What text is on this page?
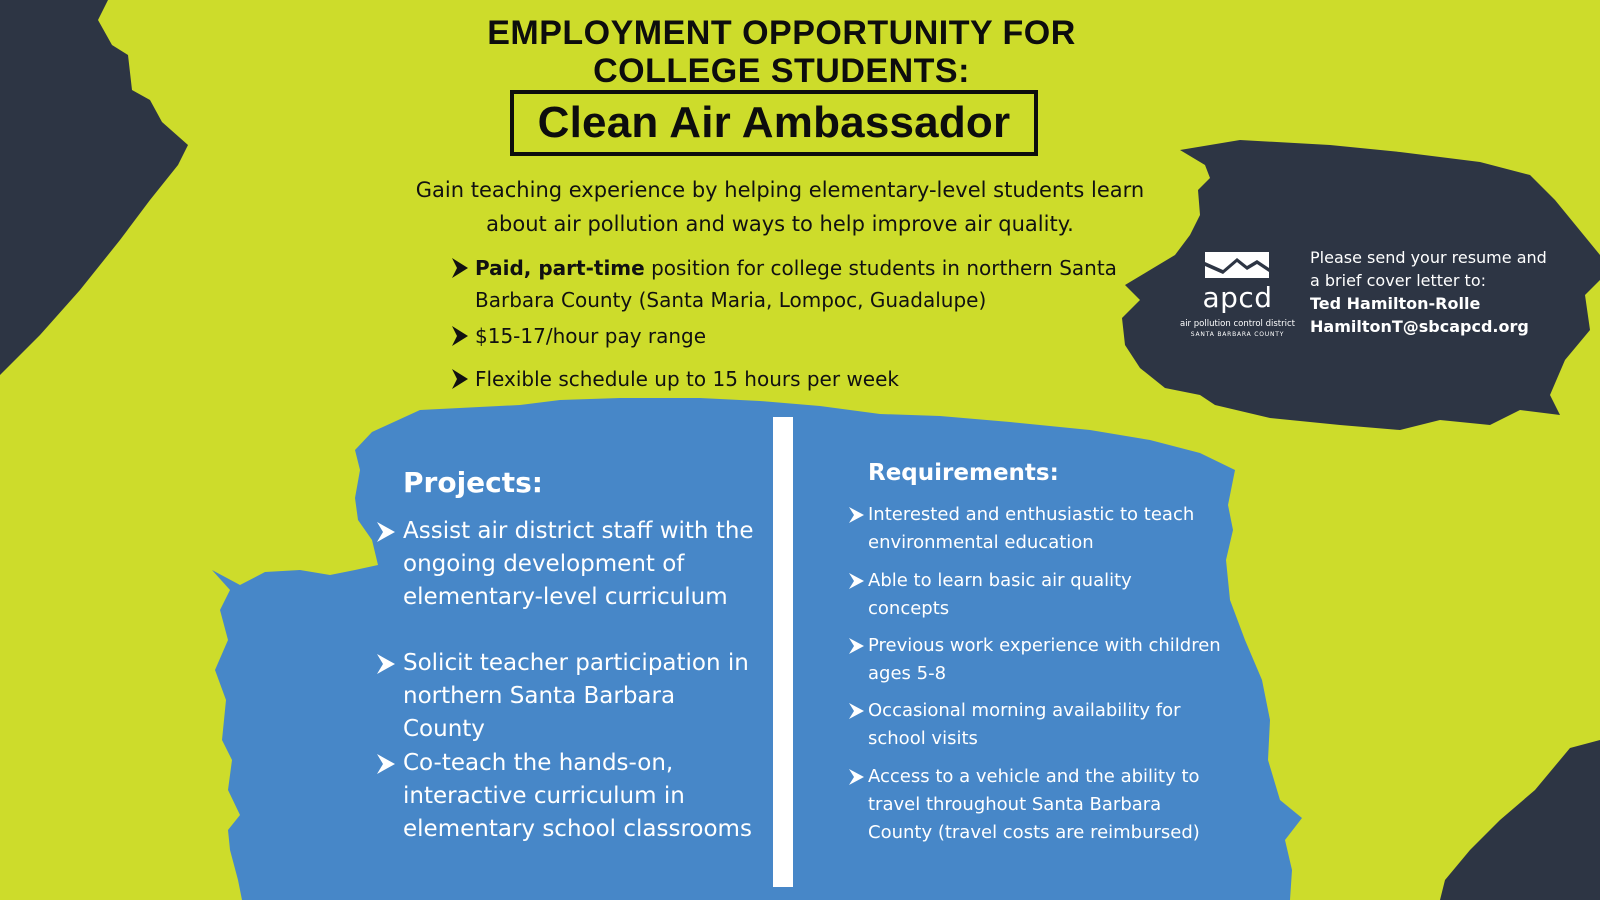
EMPLOYMENT OPPORTUNITY FOR
COLLEGE STUDENTS:
Clean Air Ambassador
Gain teaching experience by helping elementary-level students learn
about air pollution and ways to help improve air quality.
Paid, part-time position for college students in northern Santa
Barbara County (Santa Maria, Lompoc, Guadalupe)
$15-17/hour pay range
Flexible schedule up to 15 hours per week
apcd
air pollution control district
SANTA BARBARA COUNTY
Please send your resume and
a brief cover letter to:
Ted Hamilton-Rolle
HamiltonT@sbcapcd.org
Projects:
Assist air district staff with the
ongoing development of
elementary-level curriculum
Solicit teacher participation in
northern Santa Barbara County
Co-teach the hands-on,
interactive curriculum in
elementary school classrooms
Requirements:
Interested and enthusiastic to teach
environmental education
Able to learn basic air quality
concepts
Previous work experience with children
ages 5-8
Occasional morning availability for
school visits
Access to a vehicle and the ability to
travel throughout Santa Barbara
County (travel costs are reimbursed)
